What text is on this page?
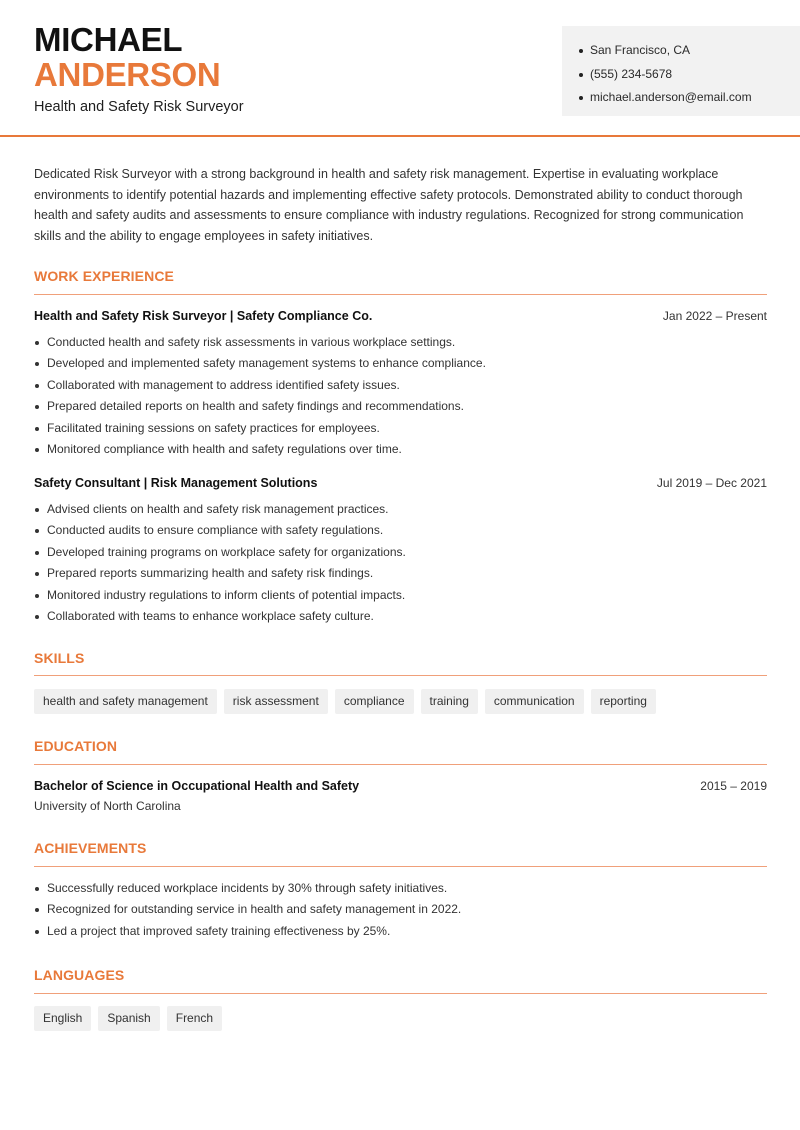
MICHAEL
ANDERSON
Health and Safety Risk Surveyor
San Francisco, CA
(555) 234-5678
michael.anderson@email.com
Dedicated Risk Surveyor with a strong background in health and safety risk management. Expertise in evaluating workplace environments to identify potential hazards and implementing effective safety protocols. Demonstrated ability to conduct thorough health and safety audits and assessments to ensure compliance with industry regulations. Recognized for strong communication skills and the ability to engage employees in safety initiatives.
WORK EXPERIENCE
Health and Safety Risk Surveyor | Safety Compliance Co.	Jan 2022 – Present
Conducted health and safety risk assessments in various workplace settings.
Developed and implemented safety management systems to enhance compliance.
Collaborated with management to address identified safety issues.
Prepared detailed reports on health and safety findings and recommendations.
Facilitated training sessions on safety practices for employees.
Monitored compliance with health and safety regulations over time.
Safety Consultant | Risk Management Solutions	Jul 2019 – Dec 2021
Advised clients on health and safety risk management practices.
Conducted audits to ensure compliance with safety regulations.
Developed training programs on workplace safety for organizations.
Prepared reports summarizing health and safety risk findings.
Monitored industry regulations to inform clients of potential impacts.
Collaborated with teams to enhance workplace safety culture.
SKILLS
health and safety management	risk assessment	compliance	training	communication	reporting
EDUCATION
Bachelor of Science in Occupational Health and Safety	2015 – 2019
University of North Carolina
ACHIEVEMENTS
Successfully reduced workplace incidents by 30% through safety initiatives.
Recognized for outstanding service in health and safety management in 2022.
Led a project that improved safety training effectiveness by 25%.
LANGUAGES
English	Spanish	French
